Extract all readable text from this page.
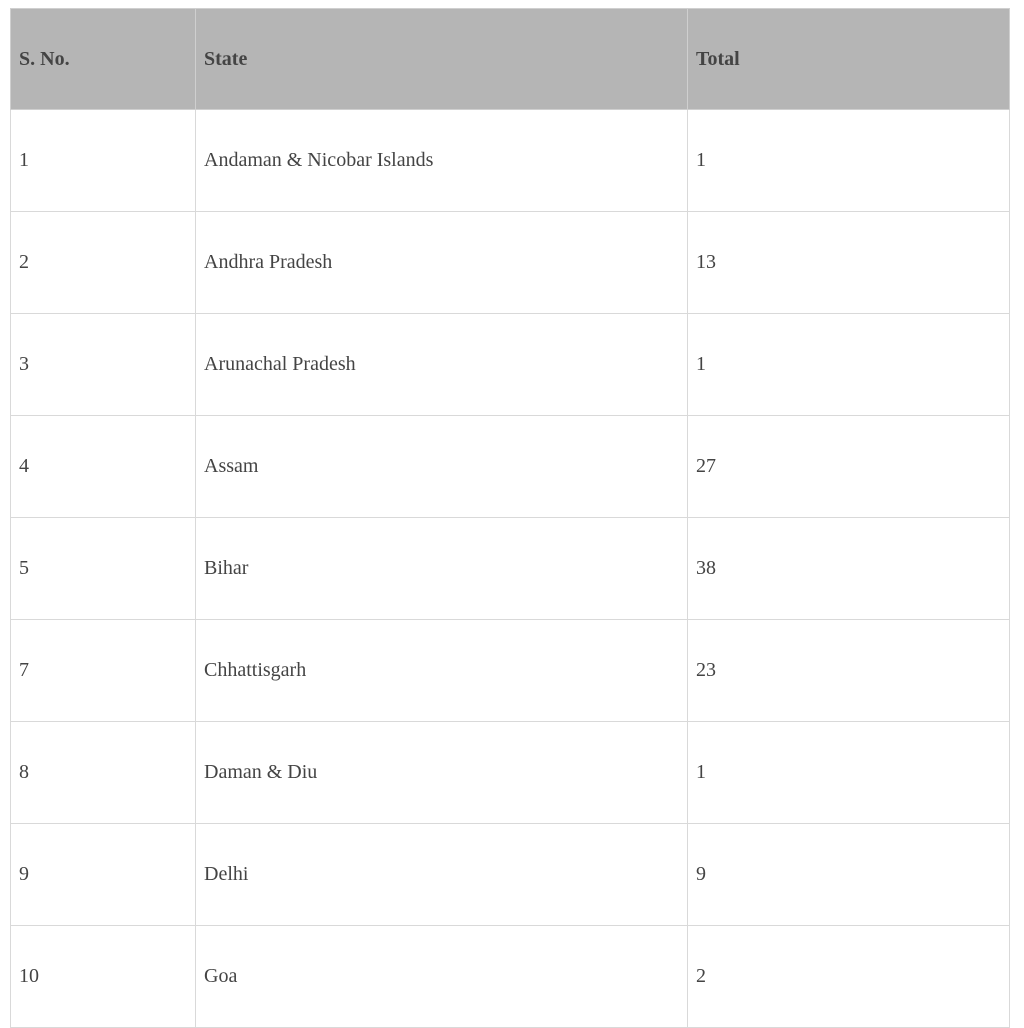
S. No.	State	Total
1	Andaman & Nicobar Islands	1
2	Andhra Pradesh	13
3	Arunachal Pradesh	1
4	Assam	27
5	Bihar	38
7	Chhattisgarh	23
8	Daman & Diu	1
9	Delhi	9
10	Goa	2
